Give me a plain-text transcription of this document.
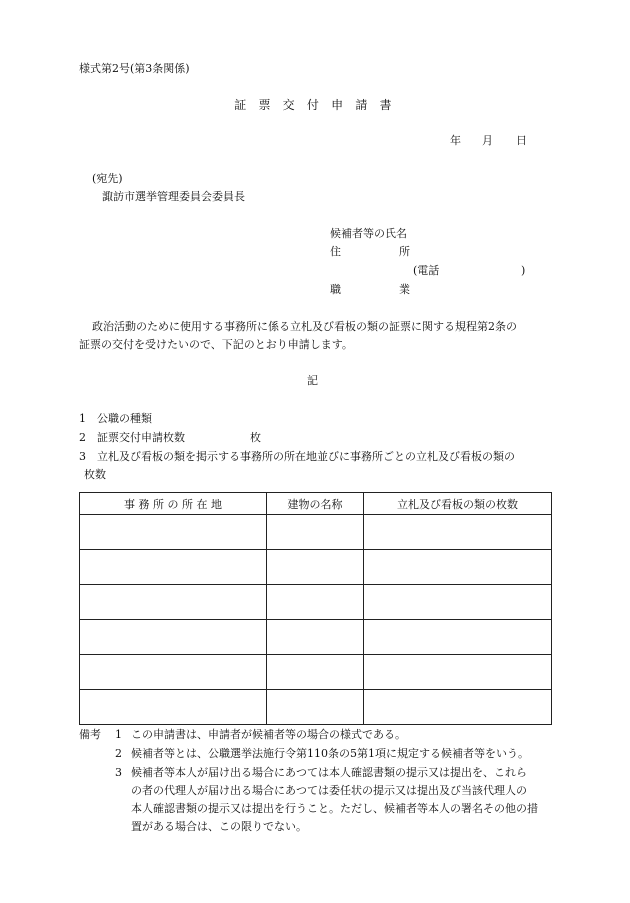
様式第2号(第3条関係)
証 票 交 付 申 請 書
年 月 日
(宛先)
諏訪市選挙管理委員会委員長
候補者等の氏名
住	所
(電話	)
職	業
政治活動のために使用する事務所に係る立札及び看板の類の証票に関する規程第2条の
証票の交付を受けたいので、下記のとおり申請します。
記
1 公職の種類
2 証票交付申請枚数	枚
3 立札及び看板の類を掲示する事務所の所在地並びに事務所ごとの立札及び看板の類の
枚数
事 務 所 の 所 在 地	建物の名称	立札及び看板の類の枚数

備考 1 この申請書は、申請者が候補者等の場合の様式である。
2 候補者等とは、公職選挙法施行令第110条の5第1項に規定する候補者等をいう。
3 候補者等本人が届け出る場合にあつては本人確認書類の提示又は提出を、これら
の者の代理人が届け出る場合にあつては委任状の提示又は提出及び当該代理人の
本人確認書類の提示又は提出を行うこと。ただし、候補者等本人の署名その他の措
置がある場合は、この限りでない。
